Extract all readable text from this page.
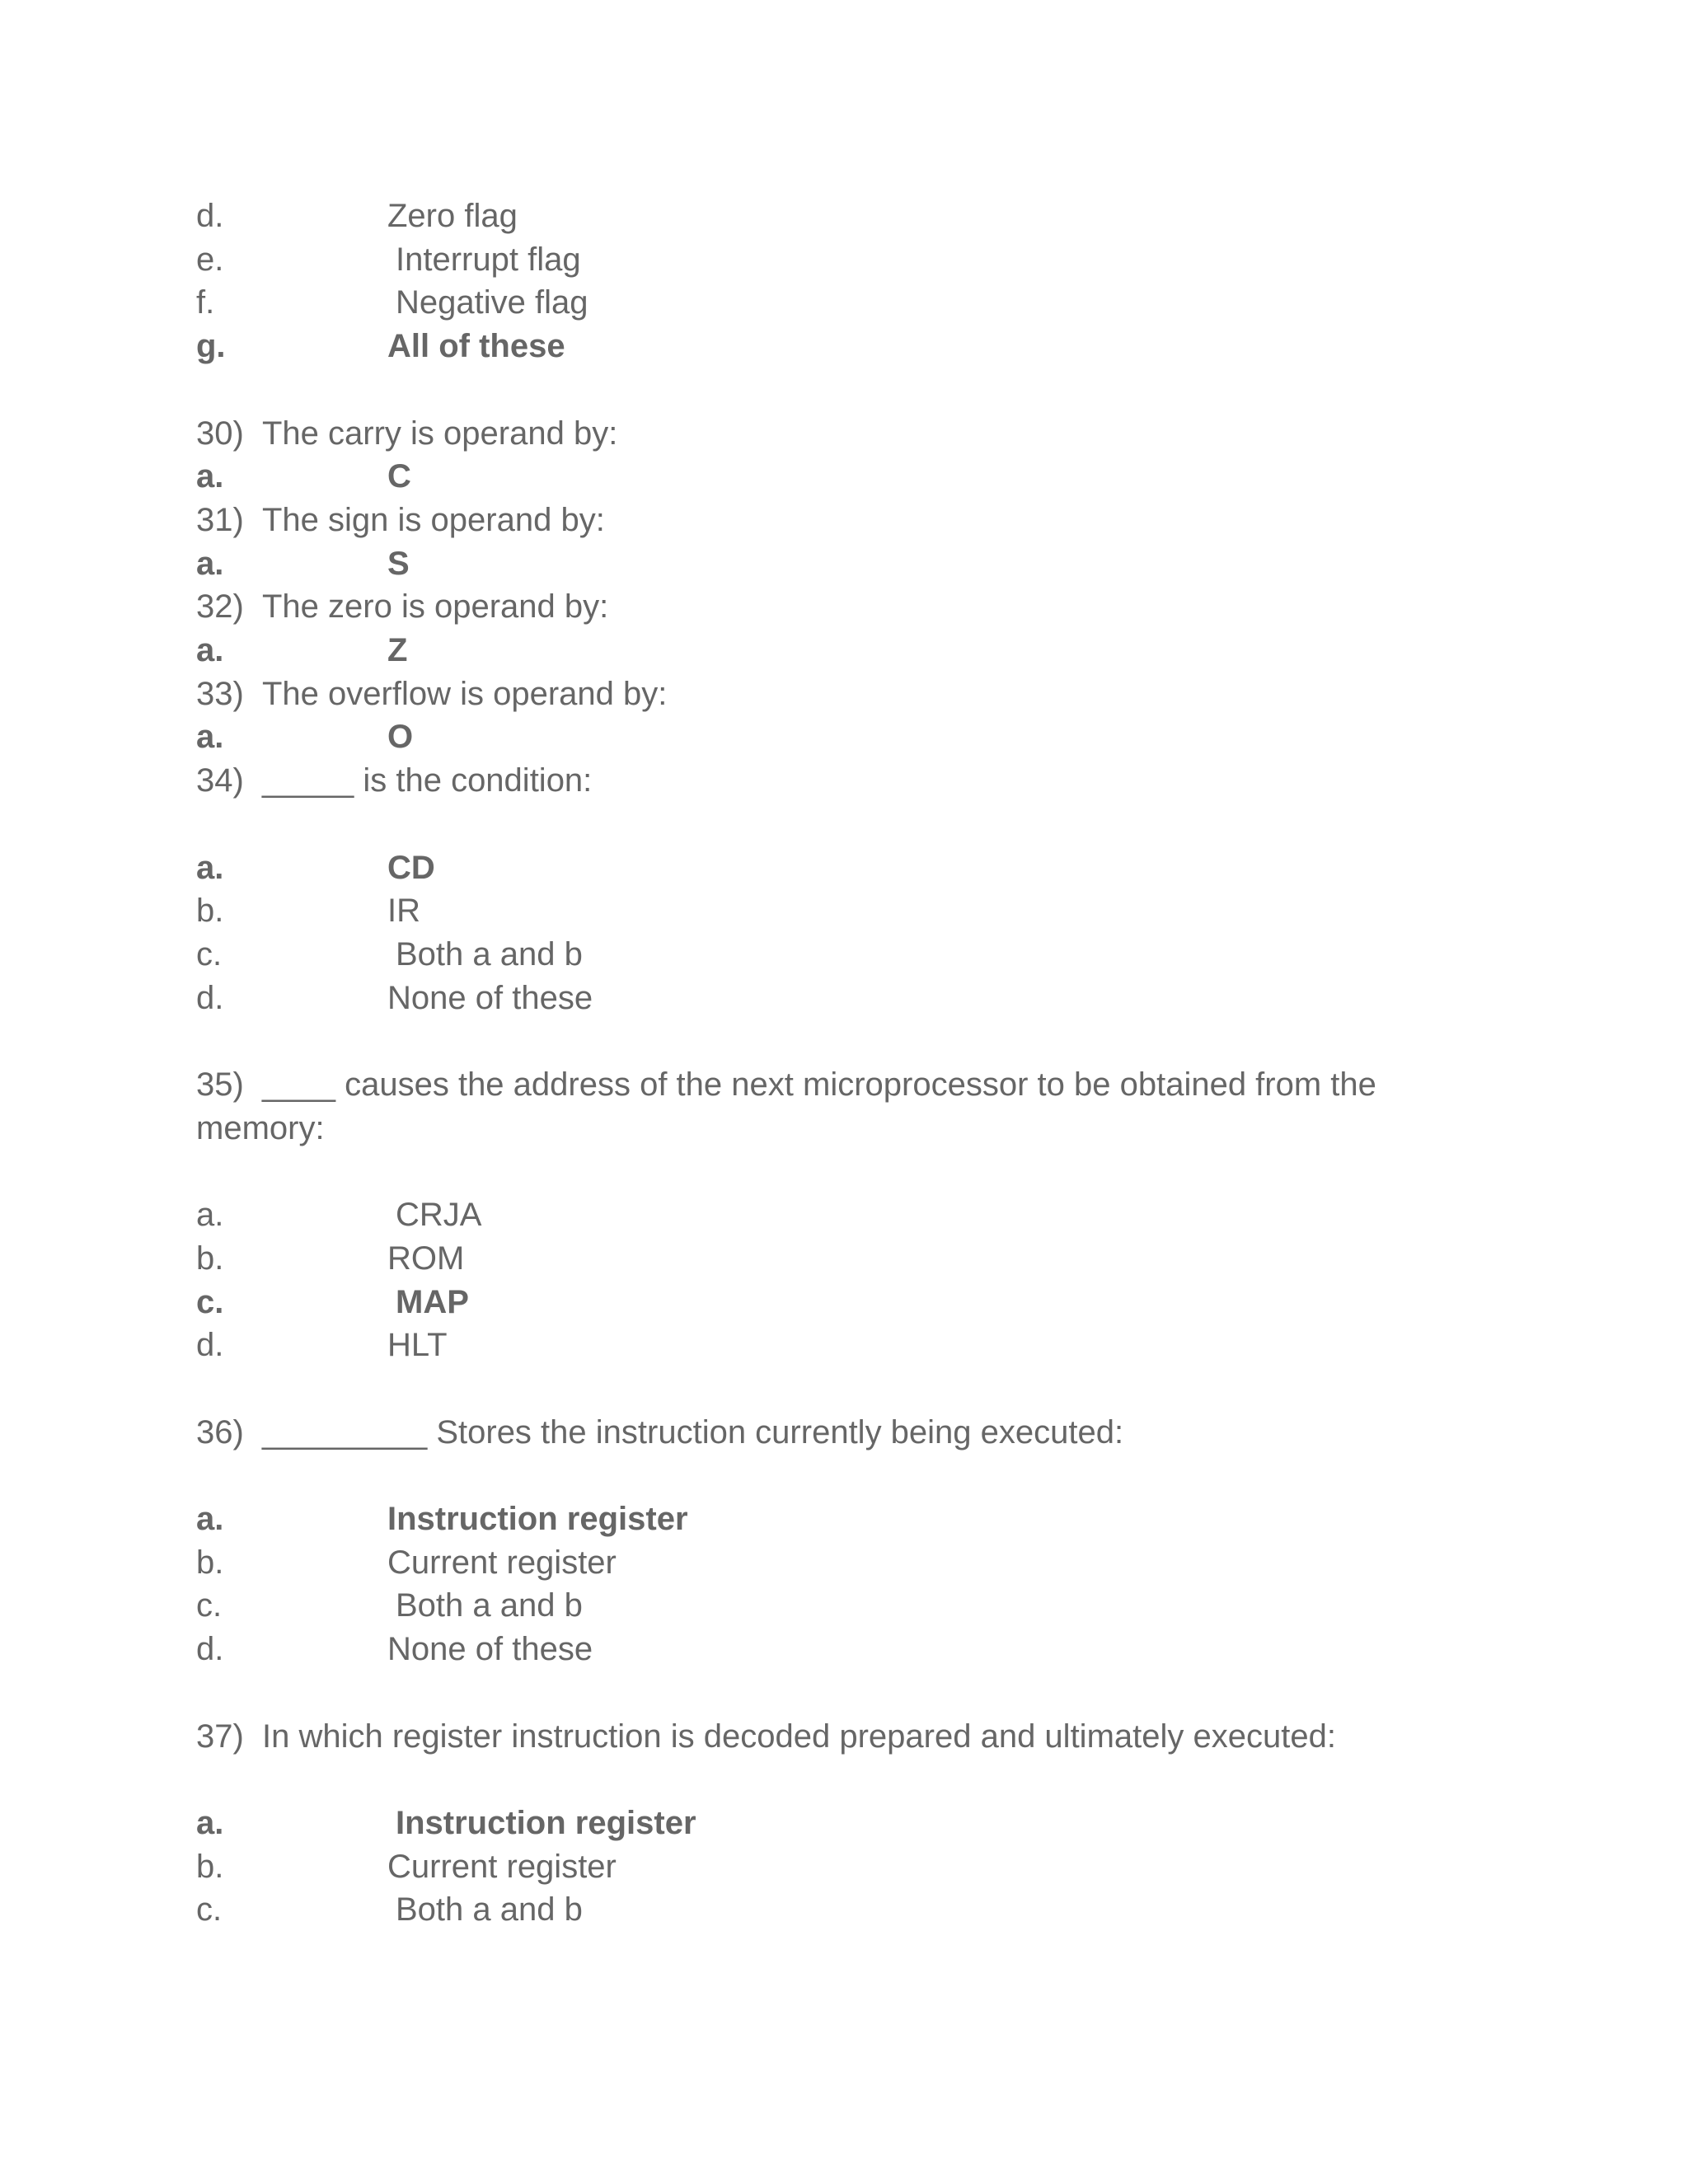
d.	Zero flag
e.	Interrupt flag
f.	Negative flag
g.	All of these
30) The carry is operand by:
a.	C
31) The sign is operand by:
a.	S
32) The zero is operand by:
a.	Z
33) The overflow is operand by:
a.	O
34) _____ is the condition:
a.	CD
b.	IR
c.	Both a and b
d.	None of these
35) ____ causes the address of the next microprocessor to be obtained from the
memory:
a.	CRJA
b.	ROM
c.	MAP
d.	HLT
36) _________ Stores the instruction currently being executed:
a.	Instruction register
b.	Current register
c.	Both a and b
d.	None of these
37) In which register instruction is decoded prepared and ultimately executed:
a.	Instruction register
b.	Current register
c.	Both a and b
